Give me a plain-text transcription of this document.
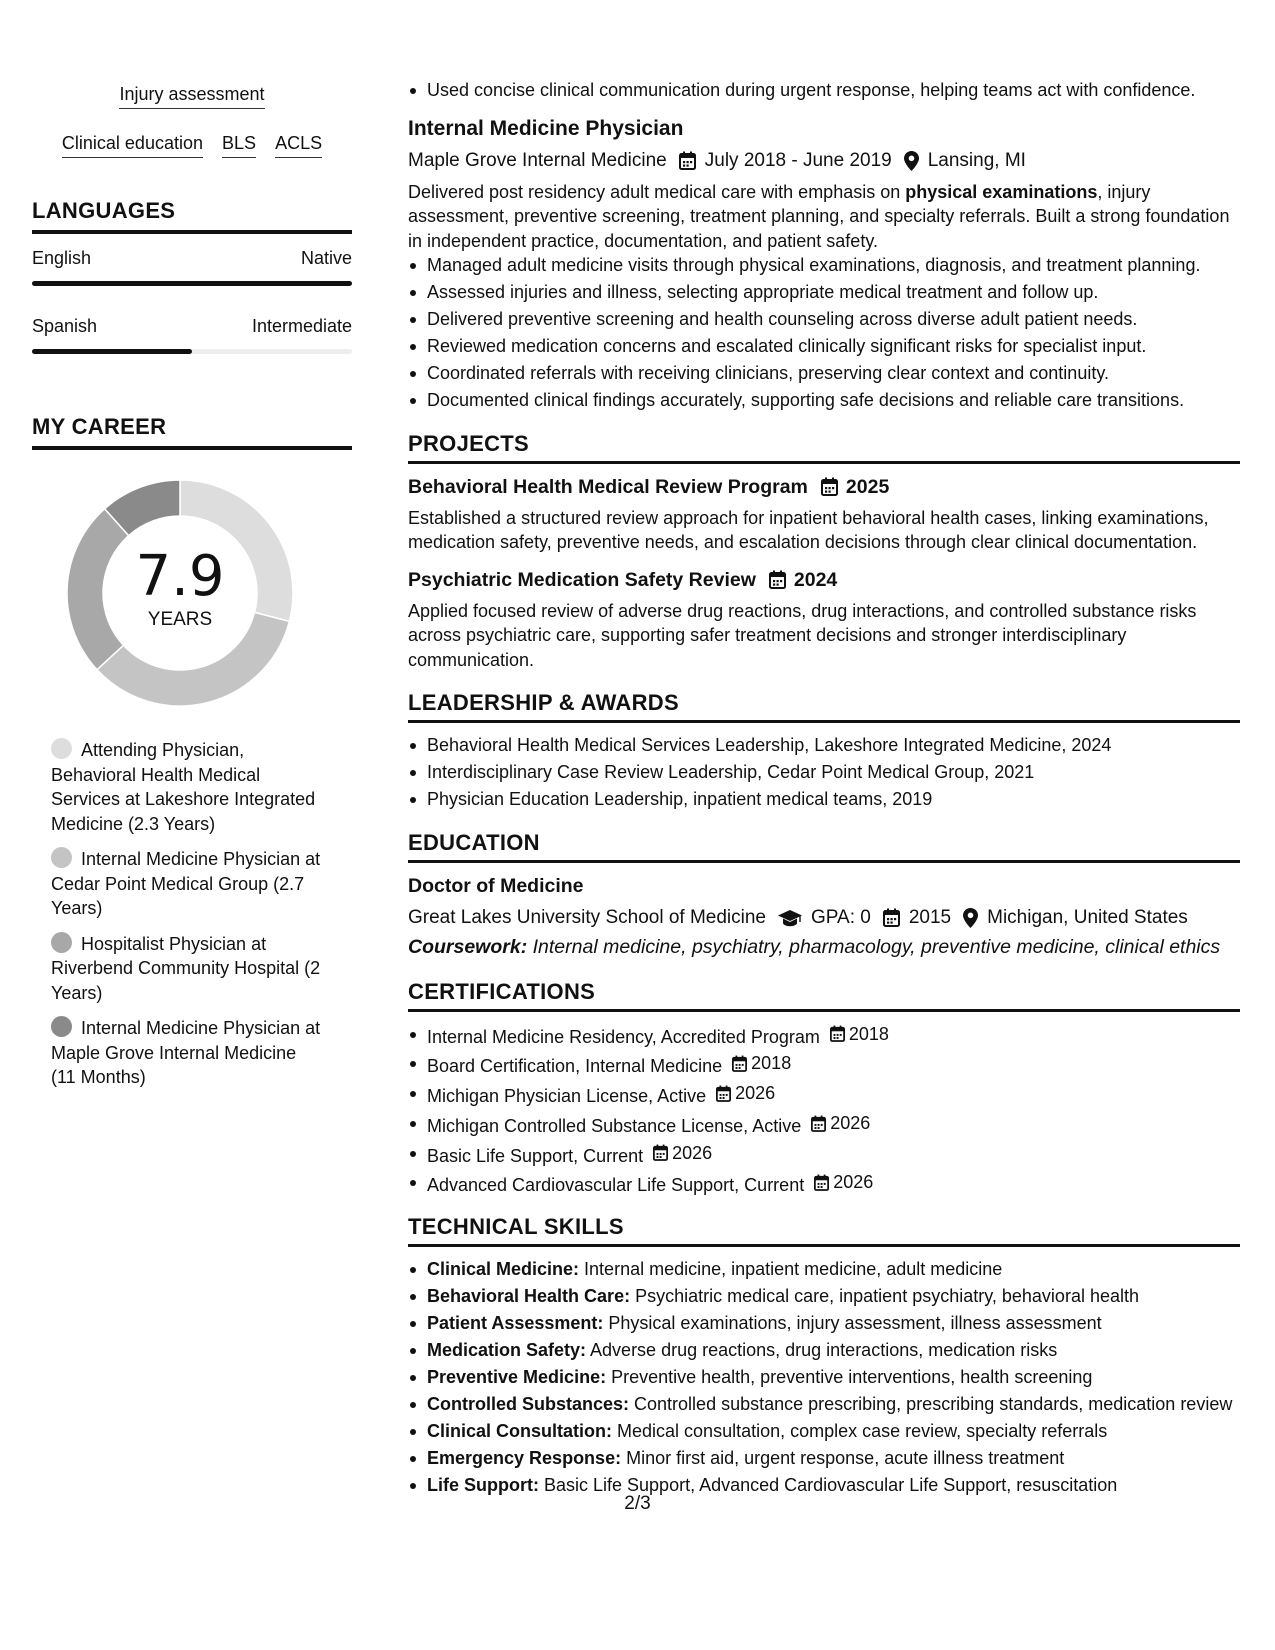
Injury assessment
Clinical education BLS ACLS
LANGUAGES
English	Native
Spanish	Intermediate
MY CAREER
7.9
YEARS
Attending Physician, Behavioral Health Medical Services at Lakeshore Integrated Medicine (2.3 Years)
Internal Medicine Physician at Cedar Point Medical Group (2.7 Years)
Hospitalist Physician at Riverbend Community Hospital (2 Years)
Internal Medicine Physician at Maple Grove Internal Medicine (11 Months)
Used concise clinical communication during urgent response, helping teams act with confidence.
Internal Medicine Physician
Maple Grove Internal Medicine July 2018 - June 2019 Lansing, MI
Delivered post residency adult medical care with emphasis on physical examinations, injury assessment, preventive screening, treatment planning, and specialty referrals. Built a strong foundation in independent practice, documentation, and patient safety.
Managed adult medicine visits through physical examinations, diagnosis, and treatment planning.
Assessed injuries and illness, selecting appropriate medical treatment and follow up.
Delivered preventive screening and health counseling across diverse adult patient needs.
Reviewed medication concerns and escalated clinically significant risks for specialist input.
Coordinated referrals with receiving clinicians, preserving clear context and continuity.
Documented clinical findings accurately, supporting safe decisions and reliable care transitions.
PROJECTS
Behavioral Health Medical Review Program 2025
Established a structured review approach for inpatient behavioral health cases, linking examinations, medication safety, preventive needs, and escalation decisions through clear clinical documentation.
Psychiatric Medication Safety Review 2024
Applied focused review of adverse drug reactions, drug interactions, and controlled substance risks across psychiatric care, supporting safer treatment decisions and stronger interdisciplinary communication.
LEADERSHIP & AWARDS
Behavioral Health Medical Services Leadership, Lakeshore Integrated Medicine, 2024
Interdisciplinary Case Review Leadership, Cedar Point Medical Group, 2021
Physician Education Leadership, inpatient medical teams, 2019
EDUCATION
Doctor of Medicine
Great Lakes University School of Medicine GPA: 0 2015 Michigan, United States
Coursework: Internal medicine, psychiatry, pharmacology, preventive medicine, clinical ethics
CERTIFICATIONS
Internal Medicine Residency, Accredited Program 2018
Board Certification, Internal Medicine 2018
Michigan Physician License, Active 2026
Michigan Controlled Substance License, Active 2026
Basic Life Support, Current 2026
Advanced Cardiovascular Life Support, Current 2026
TECHNICAL SKILLS
Clinical Medicine: Internal medicine, inpatient medicine, adult medicine
Behavioral Health Care: Psychiatric medical care, inpatient psychiatry, behavioral health
Patient Assessment: Physical examinations, injury assessment, illness assessment
Medication Safety: Adverse drug reactions, drug interactions, medication risks
Preventive Medicine: Preventive health, preventive interventions, health screening
Controlled Substances: Controlled substance prescribing, prescribing standards, medication review
Clinical Consultation: Medical consultation, complex case review, specialty referrals
Emergency Response: Minor first aid, urgent response, acute illness treatment
Life Support: Basic Life Support, Advanced Cardiovascular Life Support, resuscitation
2/3
